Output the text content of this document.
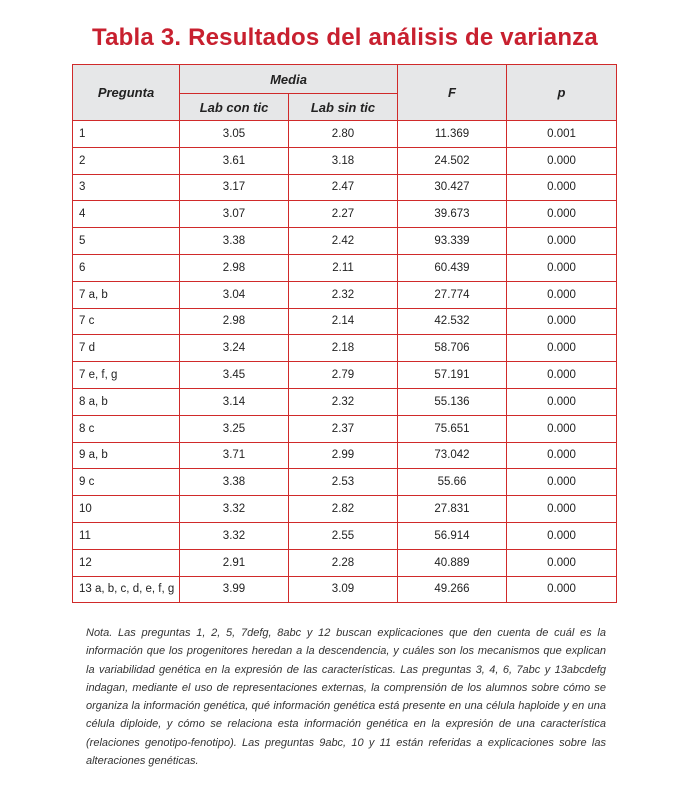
Tabla 3. Resultados del análisis de varianza
Pregunta	Media		F	p
	Lab con tic	Lab sin tic		
1	3.05	2.80	11.369	0.001
2	3.61	3.18	24.502	0.000
3	3.17	2.47	30.427	0.000
4	3.07	2.27	39.673	0.000
5	3.38	2.42	93.339	0.000
6	2.98	2.11	60.439	0.000
7 a, b	3.04	2.32	27.774	0.000
7 c	2.98	2.14	42.532	0.000
7 d	3.24	2.18	58.706	0.000
7 e, f, g	3.45	2.79	57.191	0.000
8 a, b	3.14	2.32	55.136	0.000
8 c	3.25	2.37	75.651	0.000
9 a, b	3.71	2.99	73.042	0.000
9 c	3.38	2.53	55.66	0.000
10	3.32	2.82	27.831	0.000
11	3.32	2.55	56.914	0.000
12	2.91	2.28	40.889	0.000
13 a, b, c, d, e, f, g	3.99	3.09	49.266	0.000
Nota. Las preguntas 1, 2, 5, 7defg, 8abc y 12 buscan explicaciones que den cuenta de cuál es la información que los progenitores heredan a la descendencia, y cuáles son los mecanismos que explican la variabilidad genética en la expresión de las características. Las preguntas 3, 4, 6, 7abc y 13abcdefg indagan, mediante el uso de representaciones externas, la comprensión de los alumnos sobre cómo se organiza la información genética, qué información genética está presente en una célula haploide y en una célula diploide, y cómo se relaciona esta información genética en la expresión de una característica (relaciones genotipo-fenotipo). Las preguntas 9abc, 10 y 11 están referidas a explicaciones sobre las alteraciones genéticas.
